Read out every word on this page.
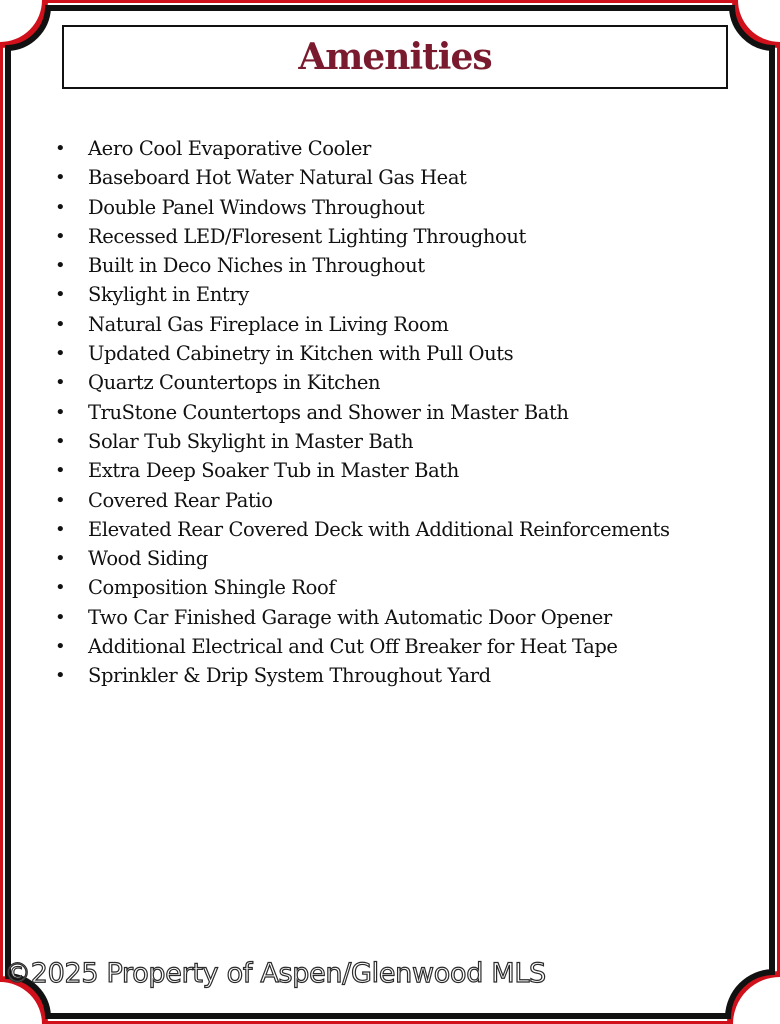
Amenities
• Aero Cool Evaporative Cooler
• Baseboard Hot Water Natural Gas Heat
• Double Panel Windows Throughout
• Recessed LED/Floresent Lighting Throughout
• Built in Deco Niches in Throughout
• Skylight in Entry
• Natural Gas Fireplace in Living Room
• Updated Cabinetry in Kitchen with Pull Outs
• Quartz Countertops in Kitchen
• TruStone Countertops and Shower in Master Bath
• Solar Tub Skylight in Master Bath
• Extra Deep Soaker Tub in Master Bath
• Covered Rear Patio
• Elevated Rear Covered Deck with Additional Reinforcements
• Wood Siding
• Composition Shingle Roof
• Two Car Finished Garage with Automatic Door Opener
• Additional Electrical and Cut Off Breaker for Heat Tape
• Sprinkler & Drip System Throughout Yard
©2025 Property of Aspen/Glenwood MLS
